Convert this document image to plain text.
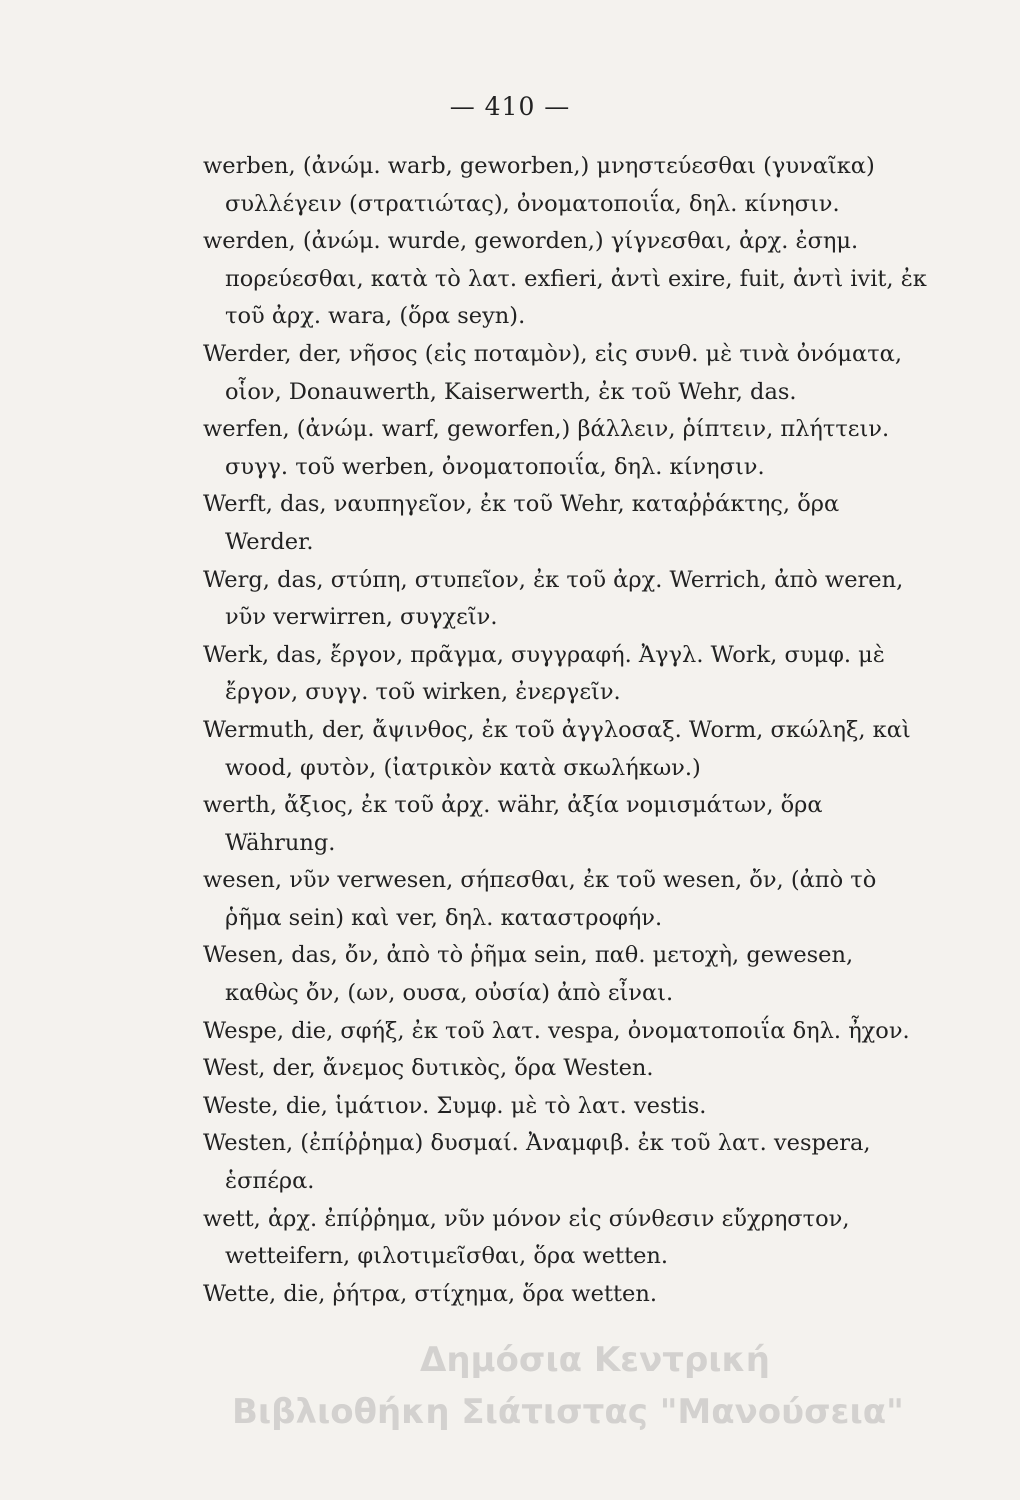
— 410 —

werben, (ἀνώμ. warb, geworben,) μνηστεύεσθαι (γυναῖκα) συλλέγειν (στρατιώτας), ὀνοματοποιΐα, δηλ. κίνησιν.

werden, (ἀνώμ. wurde, geworden,) γίγνεσθαι, ἀρχ. ἐσημ. πορεύεσθαι, κατὰ τὸ λατ. exfieri, ἀντὶ exire, fuit, ἀντὶ ivit, ἐκ τοῦ ἀρχ. wara, (ὅρα seyn).

Werder, der, νῆσος (εἰς ποταμὸν), εἰς συνθ. μὲ τινὰ ὀνόματα, οἷον, Donauwerth, Kaiserwerth, ἐκ τοῦ Wehr, das.

werfen, (ἀνώμ. warf, geworfen,) βάλλειν, ῥίπτειν, πλήττειν. συγγ. τοῦ werben, ὀνοματοποιΐα, δηλ. κίνησιν.

Werft, das, ναυπηγεῖον, ἐκ τοῦ Wehr, καταῤῥάκτης, ὅρα Werder.

Werg, das, στύπη, στυπεῖον, ἐκ τοῦ ἀρχ. Werrich, ἀπὸ weren, νῦν verwirren, συγχεῖν.

Werk, das, ἔργον, πρᾶγμα, συγγραφή. Ἀγγλ. Work, συμφ. μὲ ἔργον, συγγ. τοῦ wirken, ἐνεργεῖν.

Wermuth, der, ἄψινθος, ἐκ τοῦ ἀγγλοσαξ. Worm, σκώληξ, καὶ wood, φυτὸν, (ἰατρικὸν κατὰ σκωλήκων.)

werth, ἄξιος, ἐκ τοῦ ἀρχ. währ, ἀξία νομισμάτων, ὅρα Währung.

wesen, νῦν verwesen, σήπεσθαι, ἐκ τοῦ wesen, ὄν, (ἀπὸ τὸ ῥῆμα sein) καὶ ver, δηλ. καταστροφήν.

Wesen, das, ὄν, ἀπὸ τὸ ῥῆμα sein, παθ. μετοχὴ, gewesen, καθὼς ὄν, (ων, ουσα, οὐσία) ἀπὸ εἶναι.

Wespe, die, σφήξ, ἐκ τοῦ λατ. vespa, ὀνοματοποιΐα δηλ. ἦχον.

West, der, ἄνεμος δυτικὸς, ὅρα Westen.

Weste, die, ἱμάτιον. Συμφ. μὲ τὸ λατ. vestis.

Westen, (ἐπίῤῥημα) δυσμαί. Ἀναμφιβ. ἐκ τοῦ λατ. vespera, ἑσπέρα.

wett, ἀρχ. ἐπίῤῥημα, νῦν μόνον εἰς σύνθεσιν εὔχρηστον, wetteifern, φιλοτιμεῖσθαι, ὅρα wetten.

Wette, die, ῥήτρα, στίχημα, ὅρα wetten.

Δημόσια Κεντρική
Βιβλιοθήκη Σιάτιστας "Μανούσεια"
